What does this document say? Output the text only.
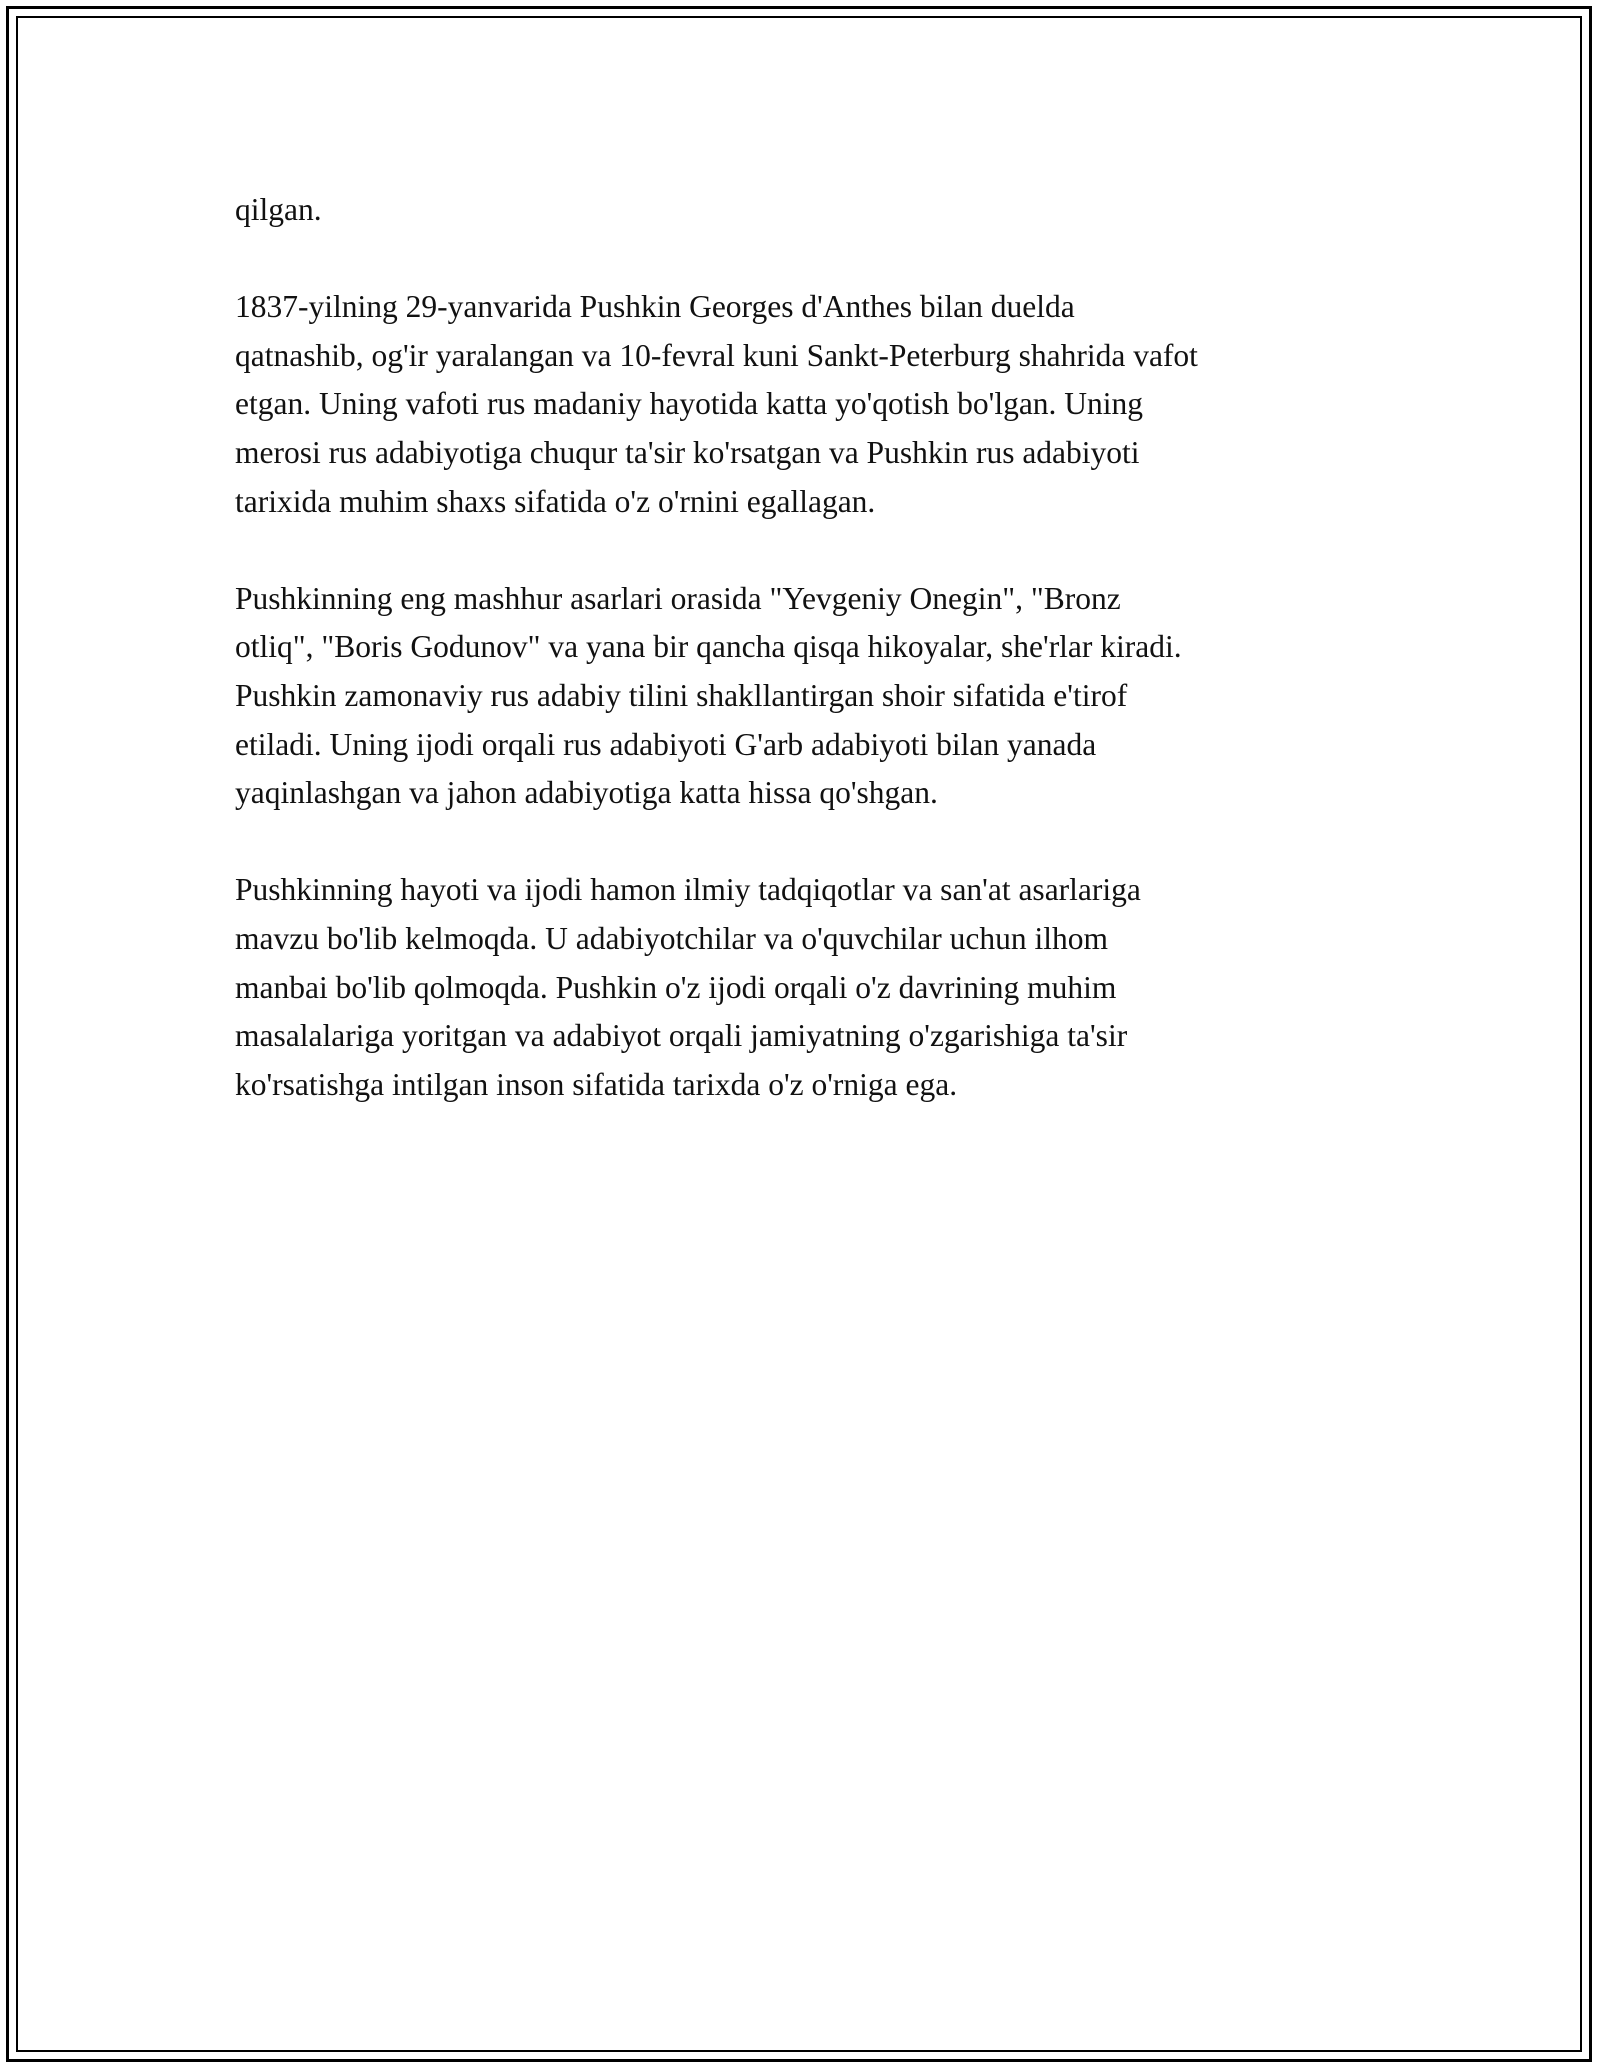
qilgan.

1837-yilning 29-yanvarida Pushkin Georges d'Anthes bilan duelda
qatnashib, og'ir yaralangan va 10-fevral kuni Sankt-Peterburg shahrida vafot
etgan. Uning vafoti rus madaniy hayotida katta yo'qotish bo'lgan. Uning
merosi rus adabiyotiga chuqur ta'sir ko'rsatgan va Pushkin rus adabiyoti
tarixida muhim shaxs sifatida o'z o'rnini egallagan.

Pushkinning eng mashhur asarlari orasida "Yevgeniy Onegin", "Bronz
otliq", "Boris Godunov" va yana bir qancha qisqa hikoyalar, she'rlar kiradi.
Pushkin zamonaviy rus adabiy tilini shakllantirgan shoir sifatida e'tirof
etiladi. Uning ijodi orqali rus adabiyoti G'arb adabiyoti bilan yanada
yaqinlashgan va jahon adabiyotiga katta hissa qo'shgan.

Pushkinning hayoti va ijodi hamon ilmiy tadqiqotlar va san'at asarlariga
mavzu bo'lib kelmoqda. U adabiyotchilar va o'quvchilar uchun ilhom
manbai bo'lib qolmoqda. Pushkin o'z ijodi orqali o'z davrining muhim
masalalariga yoritgan va adabiyot orqali jamiyatning o'zgarishiga ta'sir
ko'rsatishga intilgan inson sifatida tarixda o'z o'rniga ega.
